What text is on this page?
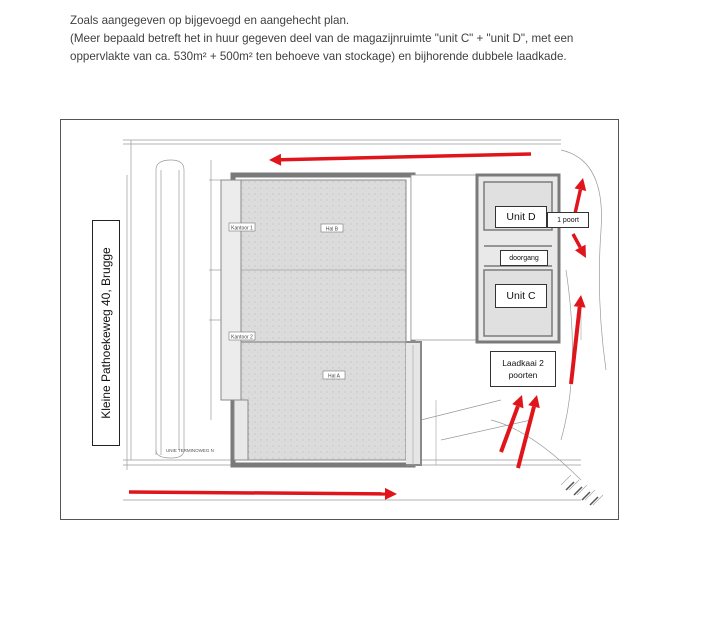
Zoals aangegeven op bijgevoegd en aangehecht plan.

(Meer bepaald betreft het in huur gegeven deel van de magazijnruimte "unit C" + "unit D", met een

oppervlakte van ca. 530m² + 500m² ten behoeve van stockage) en bijhorende dubbele laadkade.

Kantoor 1
Kantoor 2
Hal B
Hal A
UNIE TERMINOWEG N
Kleine Pathoekeweg 40, Brugge
Unit D	1 poort
doorgang
Unit C
Laadkaai 2
poorten
